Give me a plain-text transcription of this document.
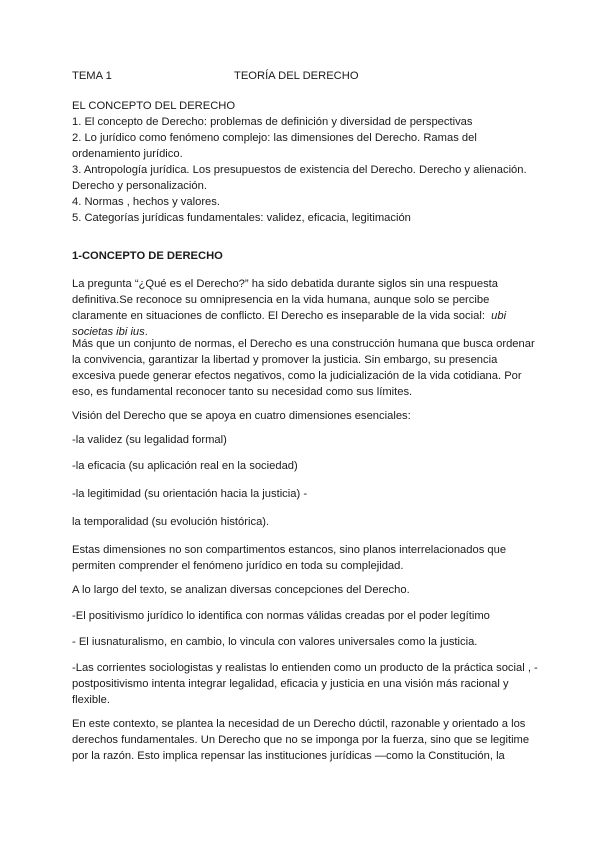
TEMA 1	TEORÍA DEL DERECHO
EL CONCEPTO DEL DERECHO

1. El concepto de Derecho: problemas de definición y diversidad de perspectivas

2. Lo jurídico como fenómeno complejo: las dimensiones del Derecho. Ramas del ordenamiento jurídico.

3. Antropología jurídica. Los presupuestos de existencia del Derecho. Derecho y alienación. Derecho y personalización.

4. Normas , hechos y valores.

5. Categorías jurídicas fundamentales: validez, eficacia, legitimación

1-CONCEPTO DE DERECHO

La pregunta “¿Qué es el Derecho?” ha sido debatida durante siglos sin una respuesta definitiva.Se reconoce su omnipresencia en la vida humana, aunque solo se percibe claramente en situaciones de conflicto. El Derecho es inseparable de la vida social: ubi societas ibi ius.

Más que un conjunto de normas, el Derecho es una construcción humana que busca ordenar la convivencia, garantizar la libertad y promover la justicia. Sin embargo, su presencia excesiva puede generar efectos negativos, como la judicialización de la vida cotidiana. Por eso, es fundamental reconocer tanto su necesidad como sus límites.

Visión del Derecho que se apoya en cuatro dimensiones esenciales:

-la validez (su legalidad formal)
-la eficacia (su aplicación real en la sociedad)
-la legitimidad (su orientación hacia la justicia) -
la temporalidad (su evolución histórica).

Estas dimensiones no son compartimentos estancos, sino planos interrelacionados que permiten comprender el fenómeno jurídico en toda su complejidad.

A lo largo del texto, se analizan diversas concepciones del Derecho.

-El positivismo jurídico lo identifica con normas válidas creadas por el poder legítimo

- El iusnaturalismo, en cambio, lo vincula con valores universales como la justicia.

-Las corrientes sociologistas y realistas lo entienden como un producto de la práctica social , -postpositivismo intenta integrar legalidad, eficacia y justicia en una visión más racional y flexible.

En este contexto, se plantea la necesidad de un Derecho dúctil, razonable y orientado a los derechos fundamentales. Un Derecho que no se imponga por la fuerza, sino que se legitime por la razón. Esto implica repensar las instituciones jurídicas —como la Constitución, la
